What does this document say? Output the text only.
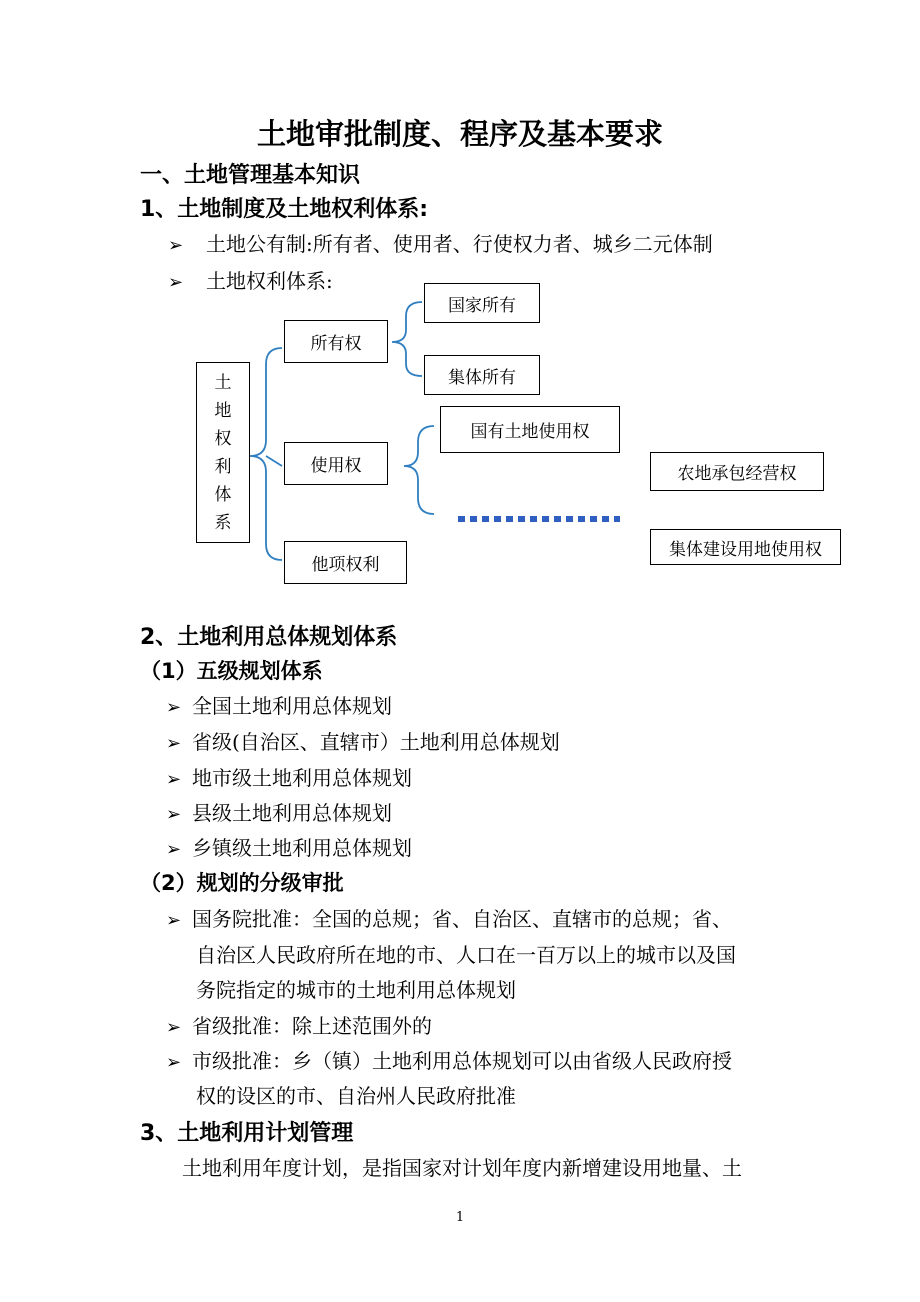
土地审批制度、程序及基本要求
一、土地管理基本知识
1、土地制度及土地权利体系:
➢ 土地公有制:所有者、使用者、行使权力者、城乡二元体制
➢ 土地权利体系:
土
地
权
利
体
系
所有权
使用权
他项权利
国家所有
集体所有
国有土地使用权
农地承包经营权
集体建设用地使用权
2、土地利用总体规划体系
（1）五级规划体系
➢ 全国土地利用总体规划
➢ 省级(自治区、直辖市）土地利用总体规划
➢ 地市级土地利用总体规划
➢ 县级土地利用总体规划
➢ 乡镇级土地利用总体规划
（2）规划的分级审批
➢ 国务院批准：全国的总规；省、自治区、直辖市的总规；省、
自治区人民政府所在地的市、人口在一百万以上的城市以及国
务院指定的城市的土地利用总体规划
➢ 省级批准：除上述范围外的
➢ 市级批准：乡（镇）土地利用总体规划可以由省级人民政府授
权的设区的市、自治州人民政府批准
3、土地利用计划管理
土地利用年度计划，是指国家对计划年度内新增建设用地量、土
1
